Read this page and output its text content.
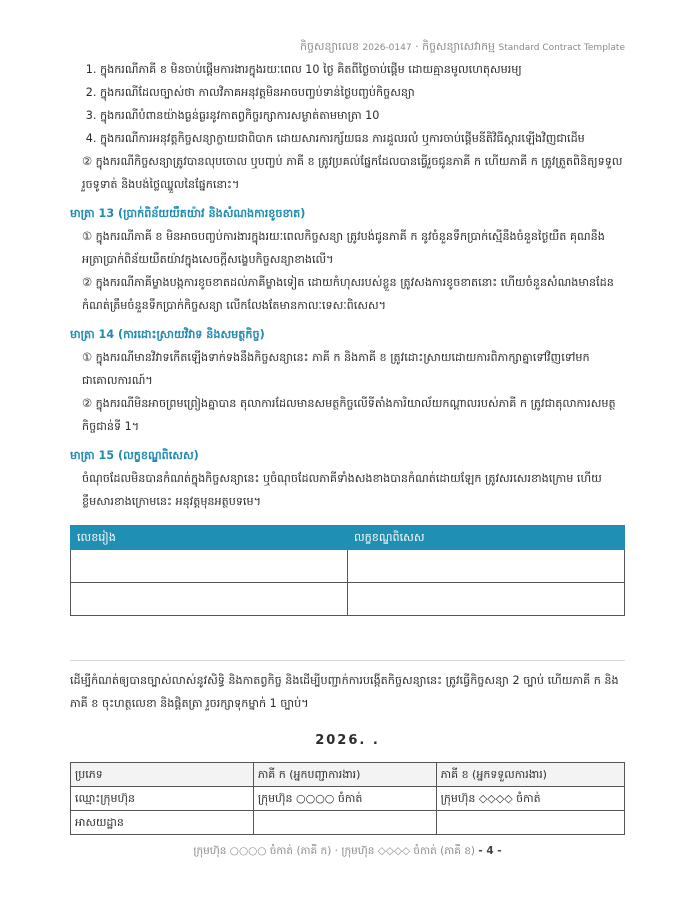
កិច្ចសន្យាលេខ 2026-0147 · កិច្ចសន្យាសេវាកម្ម Standard Contract Template
1. ក្នុងករណីភាគី ខ មិនចាប់ផ្ដើមការងារក្នុងរយៈពេល 10 ថ្ងៃ គិតពីថ្ងៃចាប់ផ្ដើម ដោយគ្មានមូលហេតុសមរម្យ
2. ក្នុងករណីដែលច្បាស់ថា កាលវិភាគអនុវត្តមិនអាចបញ្ចប់ទាន់ថ្ងៃបញ្ចប់កិច្ចសន្យា
3. ក្នុងករណីបំពានយ៉ាងធ្ងន់ធ្ងរនូវកាតព្វកិច្ចរក្សាការសម្ងាត់តាមមាត្រា 10
4. ក្នុងករណីការអនុវត្តកិច្ចសន្យាក្លាយជាពិបាក ដោយសារការក្ស័យធន ការដួលរលំ ឬការចាប់ផ្ដើមនីតិវិធីស្ដារឡើងវិញជាដើម
② ក្នុងករណីកិច្ចសន្យាត្រូវបានលុបចោល ឬបញ្ចប់ ភាគី ខ ត្រូវប្រគល់ផ្នែកដែលបានធ្វើរួចជូនភាគី ក ហើយភាគី ក ត្រូវត្រួតពិនិត្យទទួល រួចទូទាត់ និងបង់ថ្លៃឈ្នួលនៃផ្នែកនោះ។
មាត្រា 13 (ប្រាក់ពិន័យយឺតយ៉ាវ និងសំណងការខូចខាត)
① ក្នុងករណីភាគី ខ មិនអាចបញ្ចប់ការងារក្នុងរយៈពេលកិច្ចសន្យា ត្រូវបង់ជូនភាគី ក នូវចំនួនទឹកប្រាក់ស្មើនឹងចំនួនថ្ងៃយឺត គុណនឹងអត្រាប្រាក់ពិន័យយឺតយ៉ាវក្នុងសេចក្ដីសង្ខេបកិច្ចសន្យាខាងលើ។
② ក្នុងករណីភាគីម្ខាងបង្កការខូចខាតដល់ភាគីម្ខាងទៀត ដោយកំហុសរបស់ខ្លួន ត្រូវសងការខូចខាតនោះ ហើយចំនួនសំណងមានដែនកំណត់ត្រឹមចំនួនទឹកប្រាក់កិច្ចសន្យា លើកលែងតែមានកាលៈទេសៈពិសេស។
មាត្រា 14 (ការដោះស្រាយវិវាទ និងសមត្ថកិច្ច)
① ក្នុងករណីមានវិវាទកើតឡើងទាក់ទងនឹងកិច្ចសន្យានេះ ភាគី ក និងភាគី ខ ត្រូវដោះស្រាយដោយការពិភាក្សាគ្នាទៅវិញទៅមកជាគោលការណ៍។
② ក្នុងករណីមិនអាចព្រមព្រៀងគ្នាបាន តុលាការដែលមានសមត្ថកិច្ចលើទីតាំងការិយាល័យកណ្ដាលរបស់ភាគី ក ត្រូវជាតុលាការសមត្ថកិច្ចជាន់ទី 1។
មាត្រា 15 (លក្ខខណ្ឌពិសេស)
ចំណុចដែលមិនបានកំណត់ក្នុងកិច្ចសន្យានេះ ឬចំណុចដែលភាគីទាំងសងខាងបានកំណត់ដោយឡែក ត្រូវសរសេរខាងក្រោម ហើយខ្លឹមសារខាងក្រោមនេះ អនុវត្តមុនអត្ថបទមេ។
លេខរៀង	លក្ខខណ្ឌពិសេស

ដើម្បីកំណត់ឲ្យបានច្បាស់លាស់នូវសិទ្ធិ និងកាតព្វកិច្ច និងដើម្បីបញ្ជាក់ការបង្កើតកិច្ចសន្យានេះ ត្រូវធ្វើកិច្ចសន្យា 2 ច្បាប់ ហើយភាគី ក និងភាគី ខ ចុះហត្ថលេខា និងផ្ដិតត្រា រួចរក្សាទុកម្នាក់ 1 ច្បាប់។
2026. .
ប្រភេទ	ភាគី ក (អ្នកបញ្ជាការងារ)	ភាគី ខ (អ្នកទទួលការងារ)
ឈ្មោះក្រុមហ៊ុន	ក្រុមហ៊ុន ○○○○ ចំកាត់	ក្រុមហ៊ុន ◇◇◇◇ ចំកាត់
អាសយដ្ឋាន		
ក្រុមហ៊ុន ○○○○ ចំកាត់ (ភាគី ក) · ក្រុមហ៊ុន ◇◇◇◇ ចំកាត់ (ភាគី ខ) - 4 -
